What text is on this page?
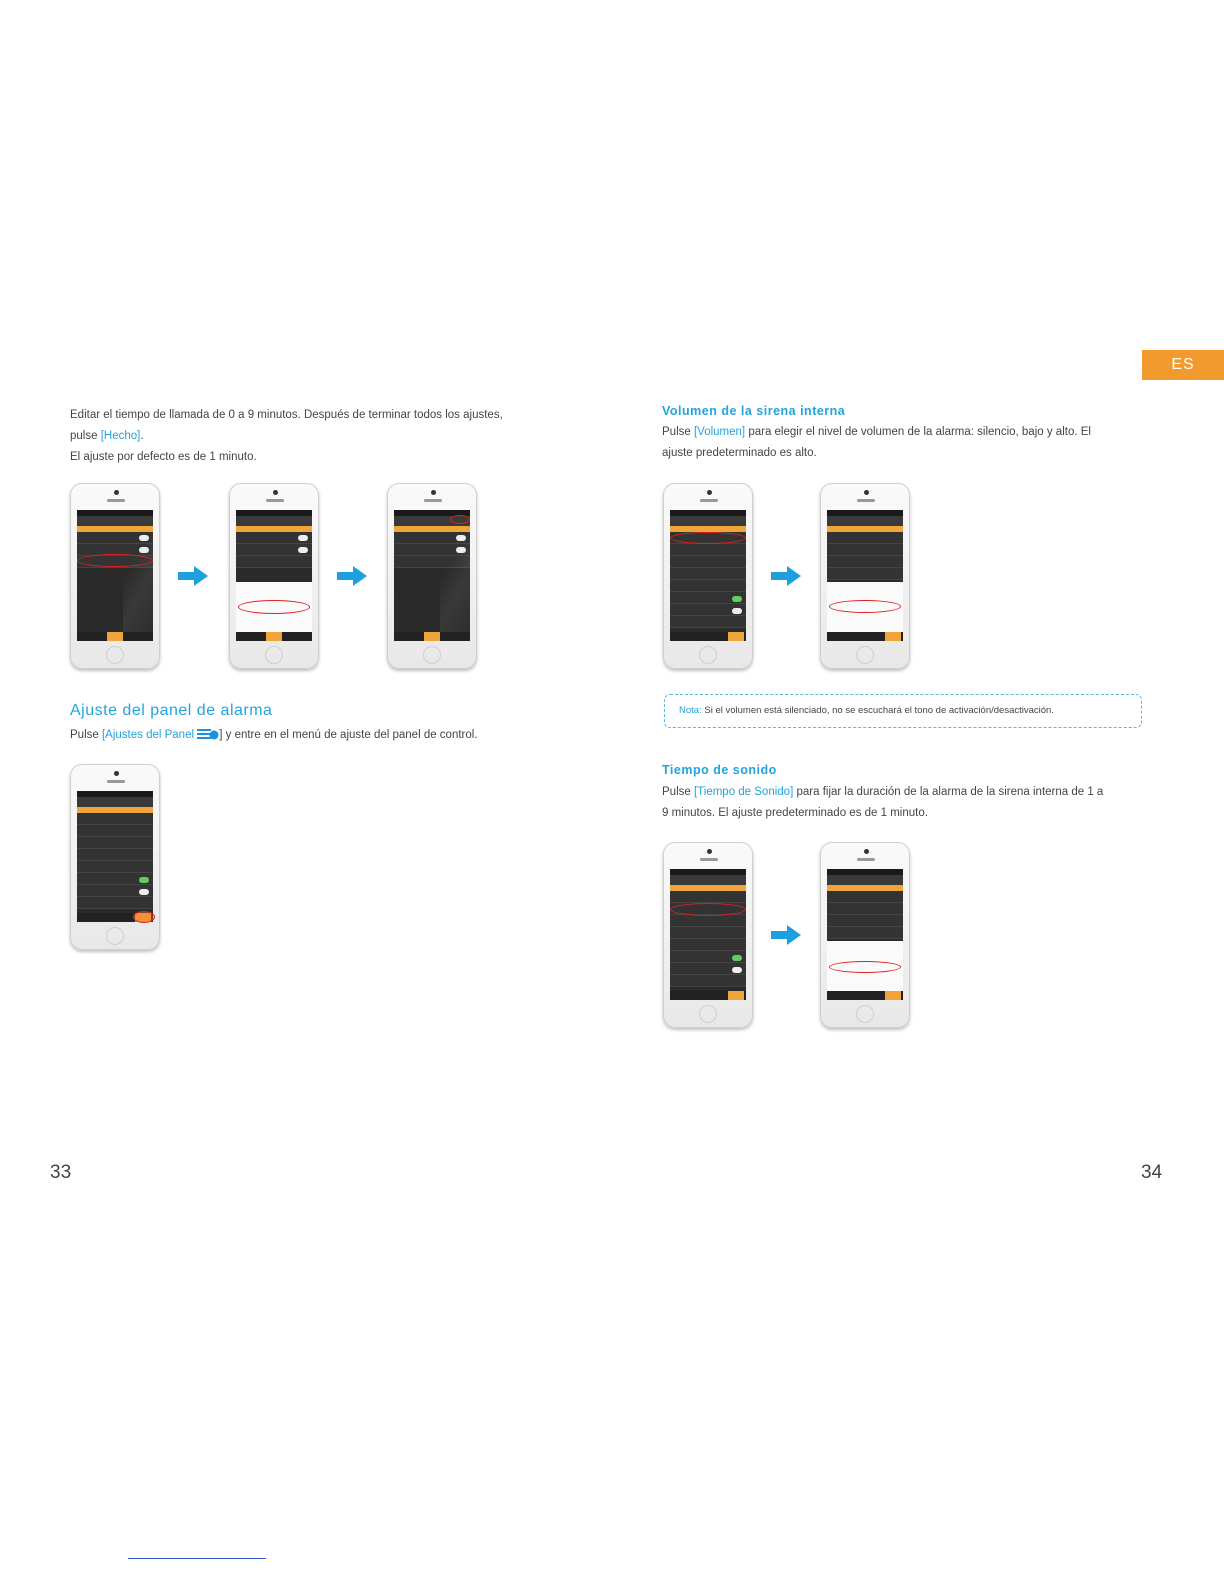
ES

Editar el tiempo de llamada de 0 a 9 minutos. Después de terminar todos los ajustes,
pulse [Hecho].
El ajuste por defecto es de 1 minuto.

Ajuste del panel de alarma

Pulse [Ajustes del Panel ] y entre en el menú de ajuste del panel de control.

33
Volumen de la sirena interna

Pulse [Volumen] para elegir el nivel de volumen de la alarma: silencio, bajo y alto. El
ajuste predeterminado es alto.

Nota: Si el volumen está silenciado, no se escuchará el tono de activación/desactivación.
Tiempo de sonido

Pulse [Tiempo de Sonido] para fijar la duración de la alarma de la sirena interna de 1 a
9 minutos. El ajuste predeterminado es de 1 minuto.

34
